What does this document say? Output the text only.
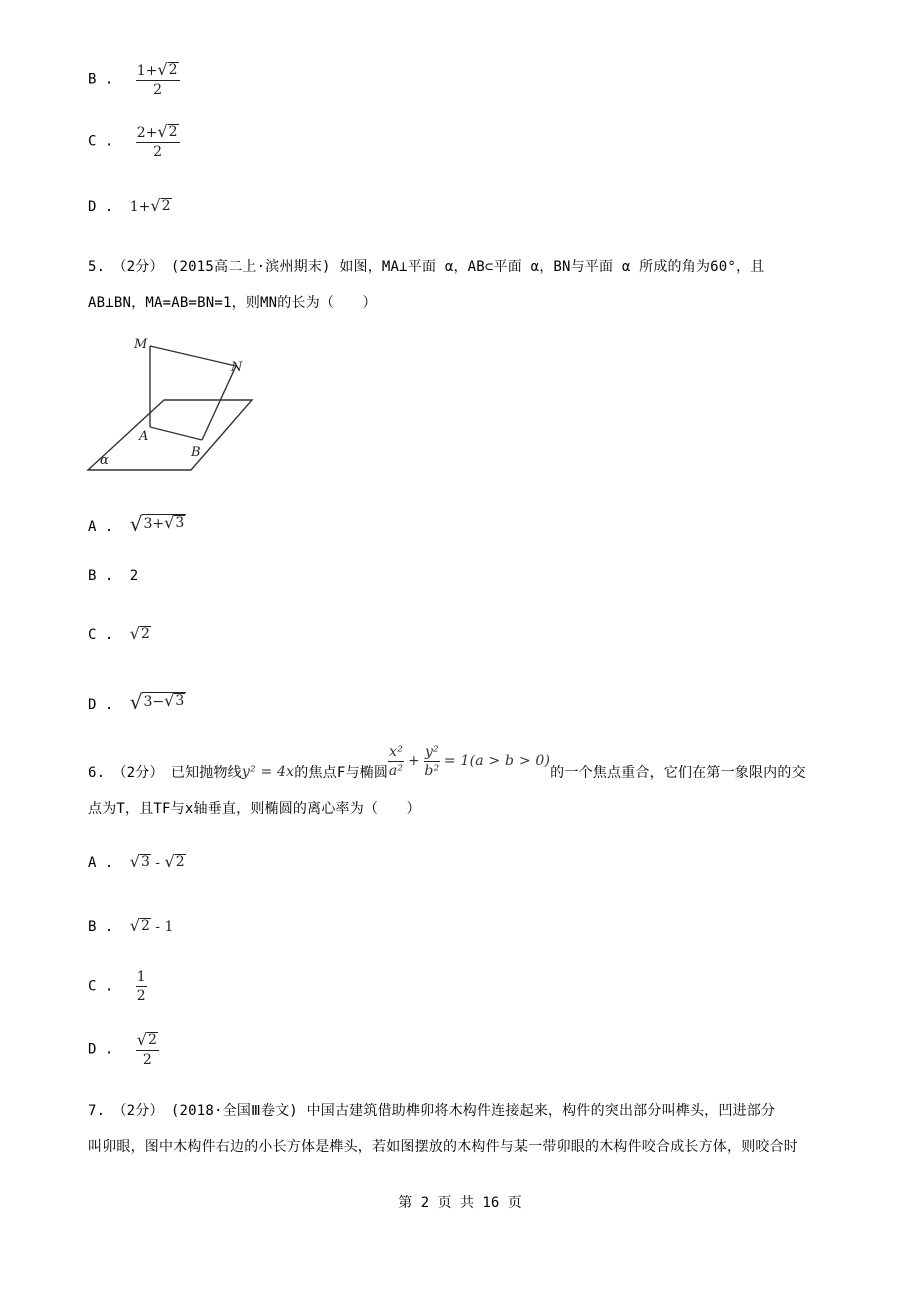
B . $\frac{1+ √ 2}{2}$
C . $\frac{2+ √ 2}{2}$
D . 1+ √ 2
5.　（2分）　(2015高二上·滨州期末) 如图，MA⊥平面 α，AB⊂平面 α，BN与平面 α 所成的角为60°，且
AB⊥BN，MA=AB=BN=1，则MN的长为（　　）
M
N
A
B
α
A . √ 3+ √ 3
B . 2
C . √ 2
D . √ 3− √ 3
6.　（2分）　已知抛物线 y² = 4x 的焦点F与椭圆 $\frac{\text{x²}}{\text{a²}} + \frac{\text{y²}}{\text{b²}} = 1(a > b > 0)$
的一个焦点重合，它们在第一象限内的交
点为T，且TF与x轴垂直，则椭圆的离心率为（　　）
A . √ 3 - √ 2
B . √ 2 - 1
C . $\frac{1}{2}$
D . $\frac{√ 2}{2}$
7.　（2分）　(2018·全国Ⅲ卷文) 中国古建筑借助榫卯将木构件连接起来，构件的突出部分叫榫头，凹进部分
叫卯眼，图中木构件右边的小长方体是榫头，若如图摆放的木构件与某一带卯眼的木构件咬合成长方体，则咬合时
第 2 页 共 16 页
